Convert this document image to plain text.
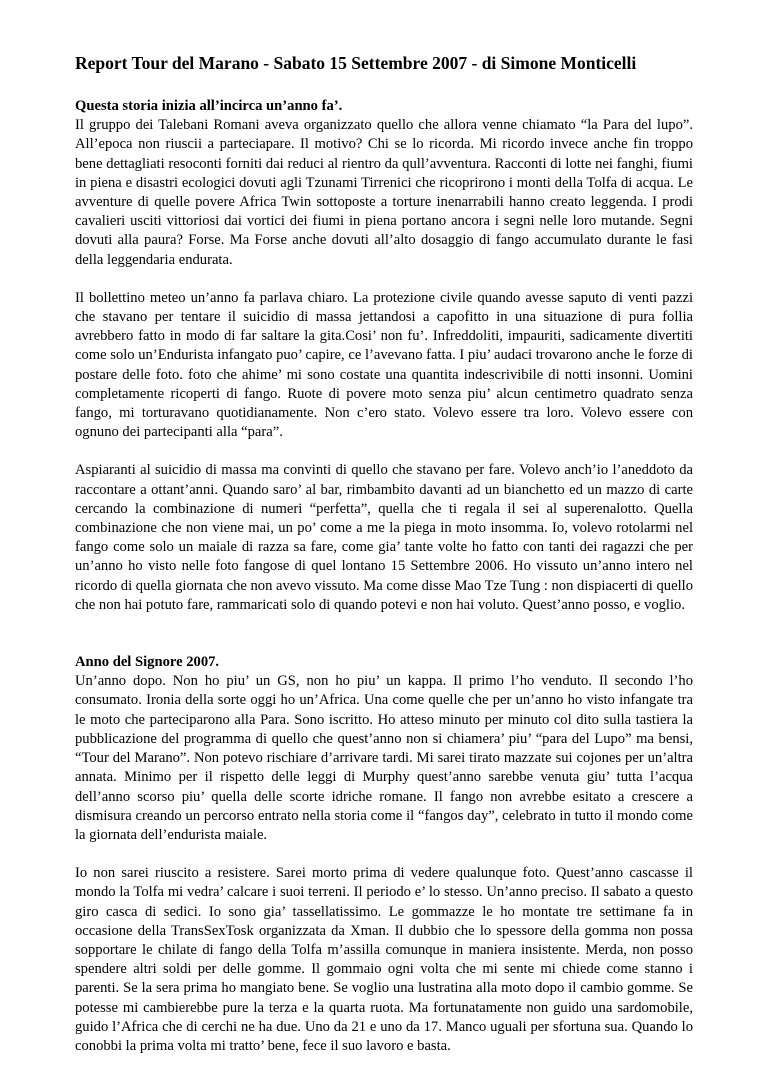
Report Tour del Marano - Sabato 15 Settembre 2007 - di Simone Monticelli
Questa storia inizia all’incirca un’anno fa’.
Il gruppo dei Talebani Romani aveva organizzato quello che allora venne chiamato “la Para del lupo”. All’epoca non riuscii a parteciapare. Il motivo? Chi se lo ricorda. Mi ricordo invece anche fin troppo bene dettagliati resoconti forniti dai reduci al rientro da qull’avventura. Racconti di lotte nei fanghi, fiumi in piena e disastri ecologici dovuti agli Tzunami Tirrenici che ricoprirono i monti della Tolfa di acqua. Le avventure di quelle povere Africa Twin sottoposte a torture inenarrabili hanno creato leggenda. I prodi cavalieri usciti vittoriosi dai vortici dei fiumi in piena portano ancora i segni nelle loro mutande. Segni dovuti alla paura? Forse. Ma Forse anche dovuti all’alto dosaggio di fango accumulato durante le fasi della leggendaria endurata.
Il bollettino meteo un’anno fa parlava chiaro. La protezione civile quando avesse saputo di venti pazzi che stavano per tentare il suicidio di massa jettandosi a capofitto in una situazione di pura follia avrebbero fatto in modo di far saltare la gita.Cosi’ non fu’. Infreddoliti, impauriti, sadicamente divertiti come solo un’Endurista infangato puo’ capire, ce l’avevano fatta. I piu’ audaci trovarono anche le forze di postare delle foto. foto che ahime’ mi sono costate una quantita indescrivibile di notti insonni. Uomini completamente ricoperti di fango. Ruote di povere moto senza piu’ alcun centimetro quadrato senza fango, mi torturavano quotidianamente. Non c’ero stato. Volevo essere tra loro. Volevo essere con ognuno dei partecipanti alla “para”.
Aspiaranti al suicidio di massa ma convinti di quello che stavano per fare. Volevo anch’io l’aneddoto da raccontare a ottant’anni. Quando saro’ al bar, rimbambito davanti ad un bianchetto ed un mazzo di carte cercando la combinazione di numeri “perfetta”, quella che ti regala il sei al superenalotto. Quella combinazione che non viene mai, un po’ come a me la piega in moto insomma. Io, volevo rotolarmi nel fango come solo un maiale di razza sa fare, come gia’ tante volte ho fatto con tanti dei ragazzi che per un’anno ho visto nelle foto fangose di quel lontano 15 Settembre 2006. Ho vissuto un’anno intero nel ricordo di quella giornata che non avevo vissuto. Ma come disse Mao Tze Tung : non dispiacerti di quello che non hai potuto fare, rammaricati solo di quando potevi e non hai voluto. Quest’anno posso, e voglio.
Anno del Signore 2007.
Un’anno dopo. Non ho piu’ un GS, non ho piu’ un kappa. Il primo l’ho venduto. Il secondo l’ho consumato. Ironia della sorte oggi ho un’Africa. Una come quelle che per un’anno ho visto infangate tra le moto che parteciparono alla Para. Sono iscritto. Ho atteso minuto per minuto col dito sulla tastiera la pubblicazione del programma di quello che quest’anno non si chiamera’ piu’ “para del Lupo” ma bensi, “Tour del Marano”. Non potevo rischiare d’arrivare tardi. Mi sarei tirato mazzate sui cojones per un’altra annata. Minimo per il rispetto delle leggi di Murphy quest’anno sarebbe venuta giu’ tutta l’acqua dell’anno scorso piu’ quella delle scorte idriche romane. Il fango non avrebbe esitato a crescere a dismisura creando un percorso entrato nella storia come il “fangos day”, celebrato in tutto il mondo come la giornata dell’endurista maiale.
Io non sarei riuscito a resistere. Sarei morto prima di vedere qualunque foto. Quest’anno cascasse il mondo la Tolfa mi vedra’ calcare i suoi terreni. Il periodo e’ lo stesso. Un’anno preciso. Il sabato a questo giro casca di sedici. Io sono gia’ tassellatissimo. Le gommazze le ho montate tre settimane fa in occasione della TransSexTosk organizzata da Xman. Il dubbio che lo spessore della gomma non possa sopportare le chilate di fango della Tolfa m’assilla comunque in maniera insistente. Merda, non posso spendere altri soldi per delle gomme. Il gommaio ogni volta che mi sente mi chiede come stanno i parenti. Se la sera prima ho mangiato bene. Se voglio una lustratina alla moto dopo il cambio gomme. Se potesse mi cambierebbe pure la terza e la quarta ruota. Ma fortunatamente non guido una sardomobile, guido l’Africa che di cerchi ne ha due. Uno da 21 e uno da 17. Manco uguali per sfortuna sua. Quando lo conobbi la prima volta mi tratto’ bene, fece il suo lavoro e basta.
